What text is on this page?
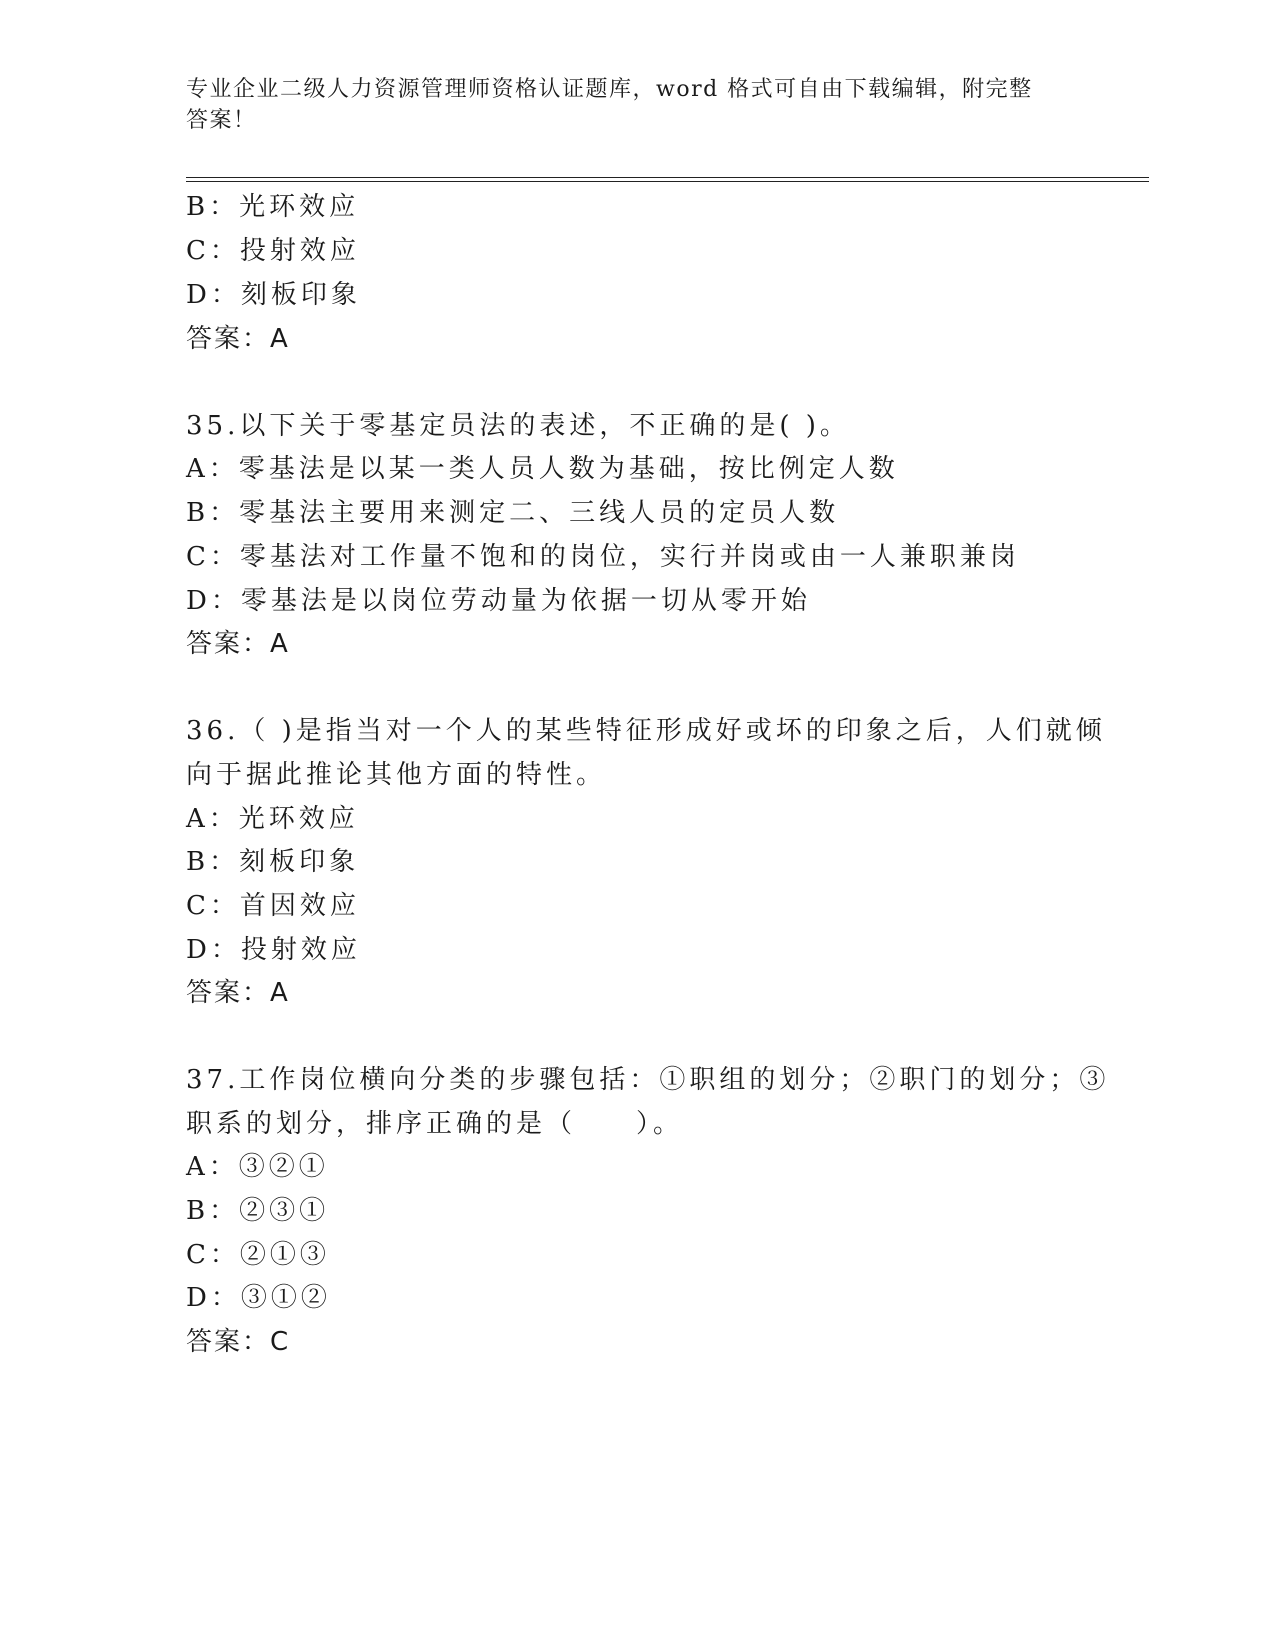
专业企业二级人力资源管理师资格认证题库，word 格式可自由下载编辑，附完整
答案！
B：光环效应
C：投射效应
D：刻板印象
答案：A
35.以下关于零基定员法的表述，不正确的是( )。
A：零基法是以某一类人员人数为基础，按比例定人数
B：零基法主要用来测定二、三线人员的定员人数
C：零基法对工作量不饱和的岗位，实行并岗或由一人兼职兼岗
D：零基法是以岗位劳动量为依据一切从零开始
答案：A
36.（ )是指当对一个人的某些特征形成好或坏的印象之后，人们就倾
向于据此推论其他方面的特性。
A：光环效应
B：刻板印象
C：首因效应
D：投射效应
答案：A
37.工作岗位横向分类的步骤包括：①职组的划分；②职门的划分；③
职系的划分，排序正确的是（　　）。
A：③②①
B：②③①
C：②①③
D：③①②
答案：C
